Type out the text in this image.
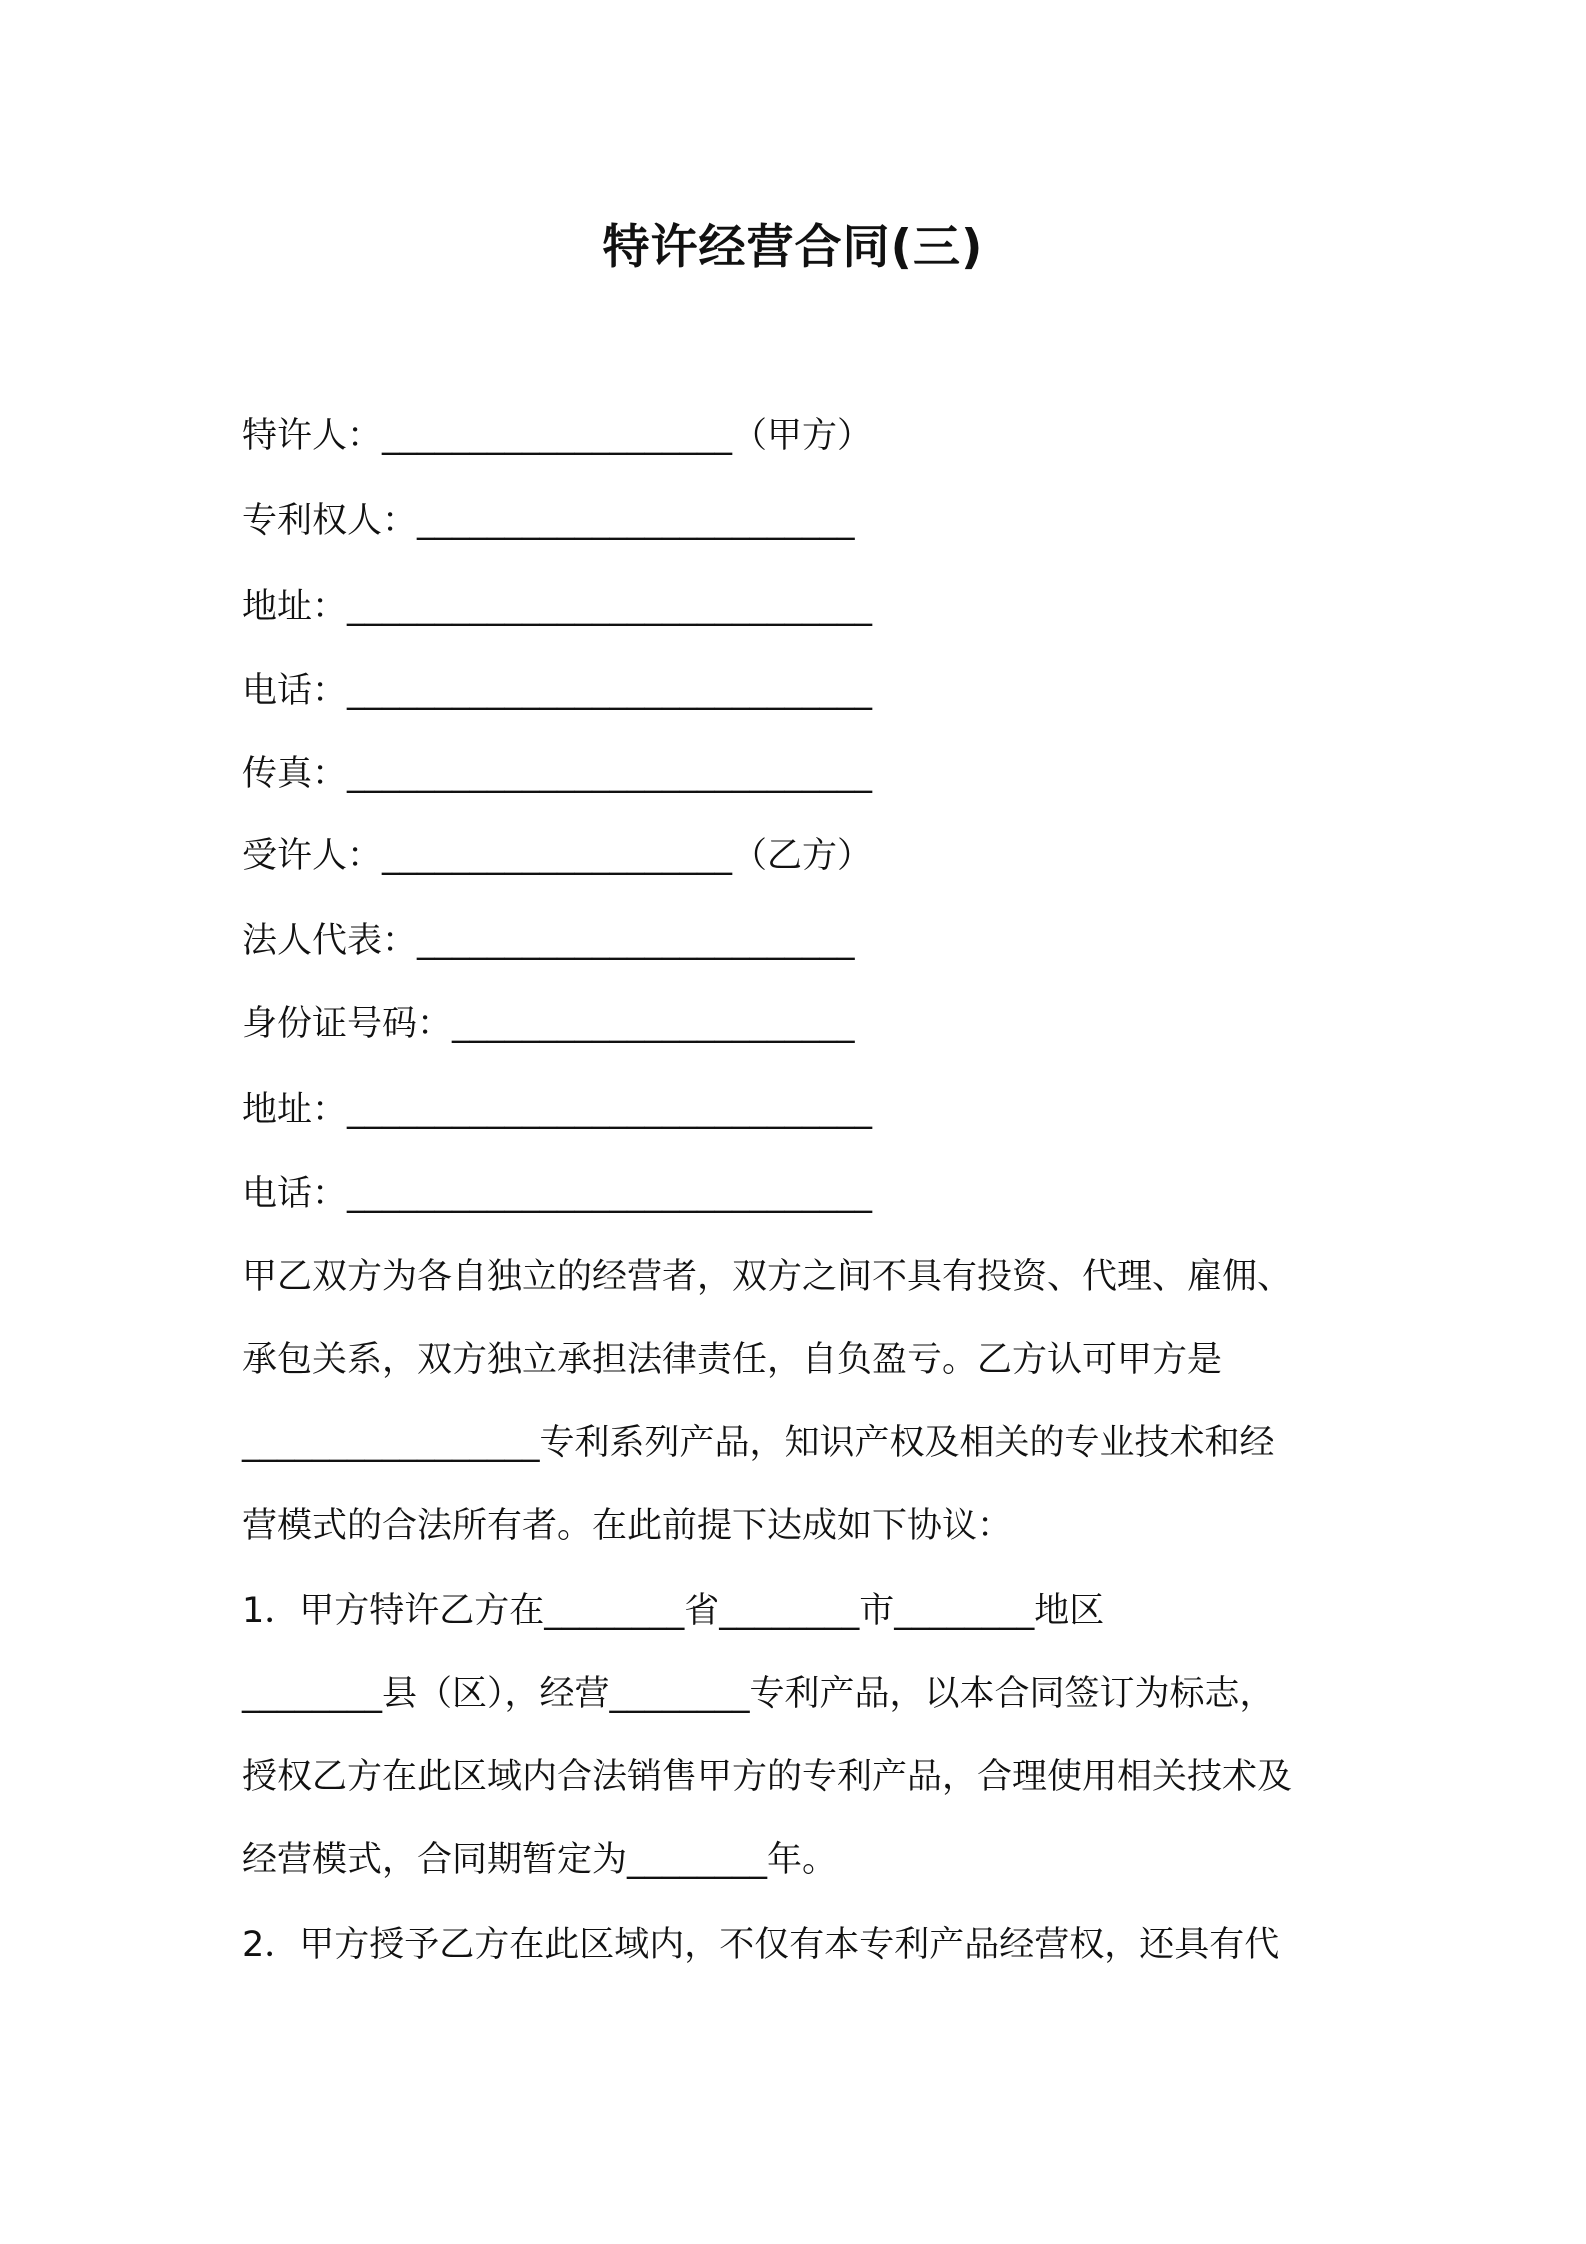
特许经营合同(三)
特许人：____________________（甲方）
专利权人：_________________________
地址：______________________________
电话：______________________________
传真：______________________________
受许人：____________________（乙方）
法人代表：_________________________
身份证号码：_______________________
地址：______________________________
电话：______________________________
甲乙双方为各自独立的经营者，双方之间不具有投资、代理、雇佣、
承包关系，双方独立承担法律责任，自负盈亏。乙方认可甲方是
_________________专利系列产品，知识产权及相关的专业技术和经
营模式的合法所有者。在此前提下达成如下协议：
1．甲方特许乙方在________省________市________地区
________县（区），经营________专利产品，以本合同签订为标志，
授权乙方在此区域内合法销售甲方的专利产品，合理使用相关技术及
经营模式，合同期暂定为________年。
2．甲方授予乙方在此区域内，不仅有本专利产品经营权，还具有代
